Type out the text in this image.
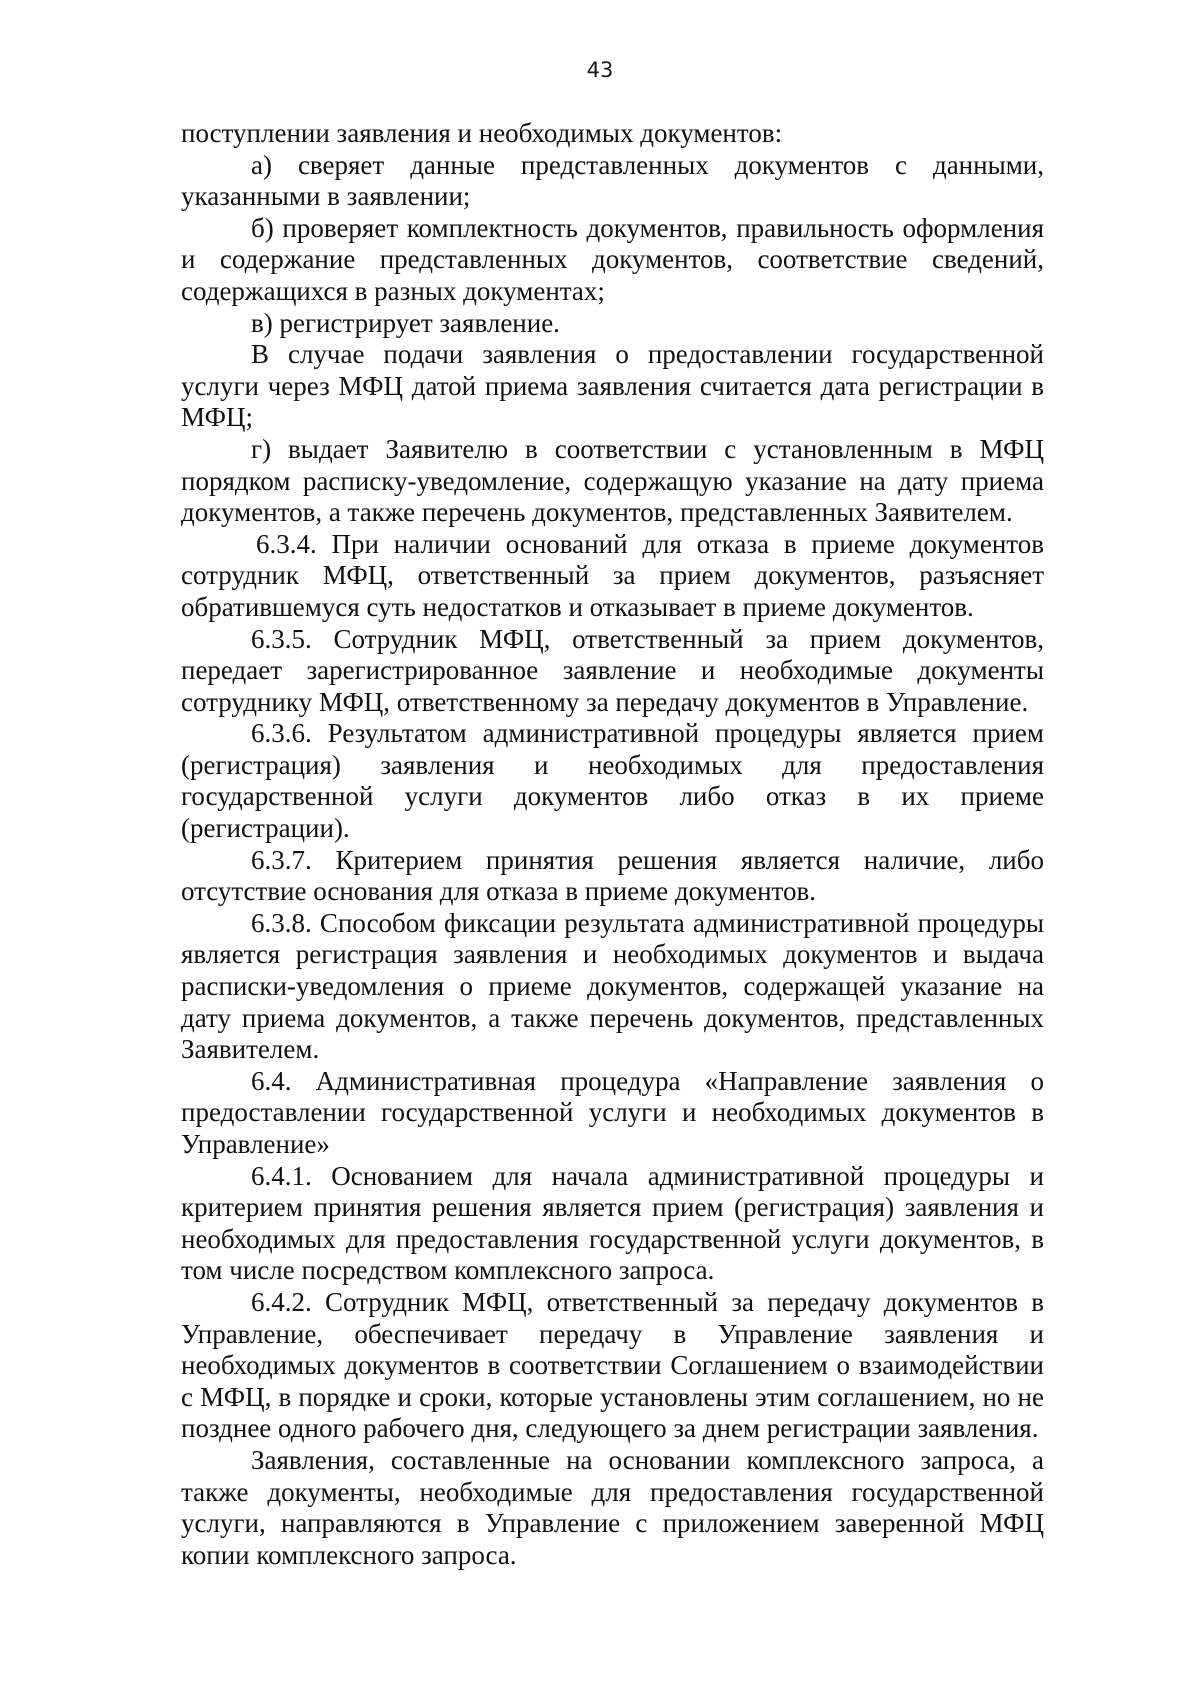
43

поступлении заявления и необходимых документов:

а) сверяет данные представленных документов с данными, указанными в заявлении;

б) проверяет комплектность документов, правильность оформления и содержание представленных документов, соответствие сведений, содержащихся в разных документах;

в) регистрирует заявление.

В случае подачи заявления о предоставлении государственной услуги через МФЦ датой приема заявления считается дата регистрации в МФЦ;

г) выдает Заявителю в соответствии с установленным в МФЦ порядком расписку-уведомление, содержащую указание на дату приема документов, а также перечень документов, представленных Заявителем.

6.3.4. При наличии оснований для отказа в приеме документов сотрудник МФЦ, ответственный за прием документов, разъясняет обратившемуся суть недостатков и отказывает в приеме документов.

6.3.5. Сотрудник МФЦ, ответственный за прием документов, передает зарегистрированное заявление и необходимые документы сотруднику МФЦ, ответственному за передачу документов в Управление.

6.3.6. Результатом административной процедуры является прием (регистрация) заявления и необходимых для предоставления государственной услуги документов либо отказ в их приеме (регистрации).

6.3.7. Критерием принятия решения является наличие, либо отсутствие основания для отказа в приеме документов.

6.3.8. Способом фиксации результата административной процедуры является регистрация заявления и необходимых документов и выдача расписки-уведомления о приеме документов, содержащей указание на дату приема документов, а также перечень документов, представленных Заявителем.

6.4. Административная процедура «Направление заявления о предоставлении государственной услуги и необходимых документов в Управление»

6.4.1. Основанием для начала административной процедуры и критерием принятия решения является прием (регистрация) заявления и необходимых для предоставления государственной услуги документов, в том числе посредством комплексного запроса.

6.4.2. Сотрудник МФЦ, ответственный за передачу документов в Управление, обеспечивает передачу в Управление заявления и необходимых документов в соответствии Соглашением о взаимодействии с МФЦ, в порядке и сроки, которые установлены этим соглашением, но не позднее одного рабочего дня, следующего за днем регистрации заявления.

Заявления, составленные на основании комплексного запроса, а также документы, необходимые для предоставления государственной услуги, направляются в Управление с приложением заверенной МФЦ копии комплексного запроса.
